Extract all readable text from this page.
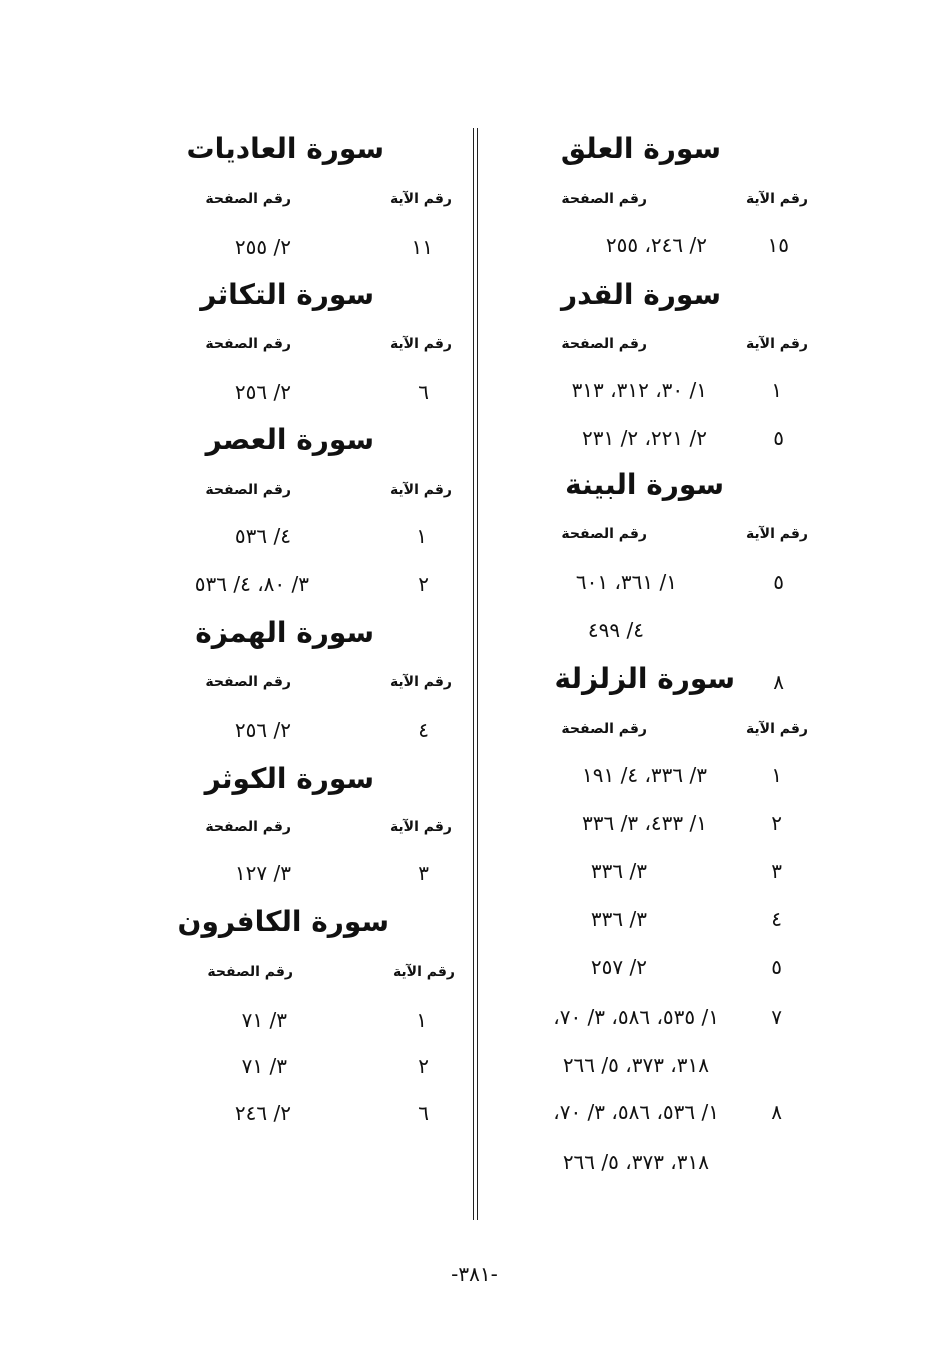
سورة العلق
رقم الآية
رقم الصفحة
١٥
٢/ ٢٤٦، ٢٥٥
سورة القدر
رقم الآية
رقم الصفحة
١
١/ ٣٠، ٣١٢، ٣١٣
٥
٢/ ٢٢١، ٢/ ٢٣١
سورة البينة
رقم الآية
رقم الصفحة
٥
١/ ٣٦١، ٦٠١
٤/ ٤٩٩
٨
سورة الزلزلة
رقم الآية
رقم الصفحة
١
٣/ ٣٣٦، ٤/ ١٩١
٢
١/ ٤٣٣، ٣/ ٣٣٦
٣
٣/ ٣٣٦
٤
٣/ ٣٣٦
٥
٢/ ٢٥٧
٧
١/ ٥٣٥، ٥٨٦، ٣/ ٧٠،
٣١٨، ٣٧٣، ٥/ ٢٦٦
٨
١/ ٥٣٦، ٥٨٦، ٣/ ٧٠،
٣١٨، ٣٧٣، ٥/ ٢٦٦
سورة العاديات
رقم الآية
رقم الصفحة
١١
٢/ ٢٥٥
سورة التكاثر
رقم الآية
رقم الصفحة
٦
٢/ ٢٥٦
سورة العصر
رقم الآية
رقم الصفحة
١
٤/ ٥٣٦
٢
٣/ ٨٠، ٤/ ٥٣٦
سورة الهمزة
رقم الآية
رقم الصفحة
٤
٢/ ٢٥٦
سورة الكوثر
رقم الآية
رقم الصفحة
٣
٣/ ١٢٧
سورة الكافرون
رقم الآية
رقم الصفحة
١
٣/ ٧١
٢
٣/ ٧١
٦
٢/ ٢٤٦
-٣٨١-
